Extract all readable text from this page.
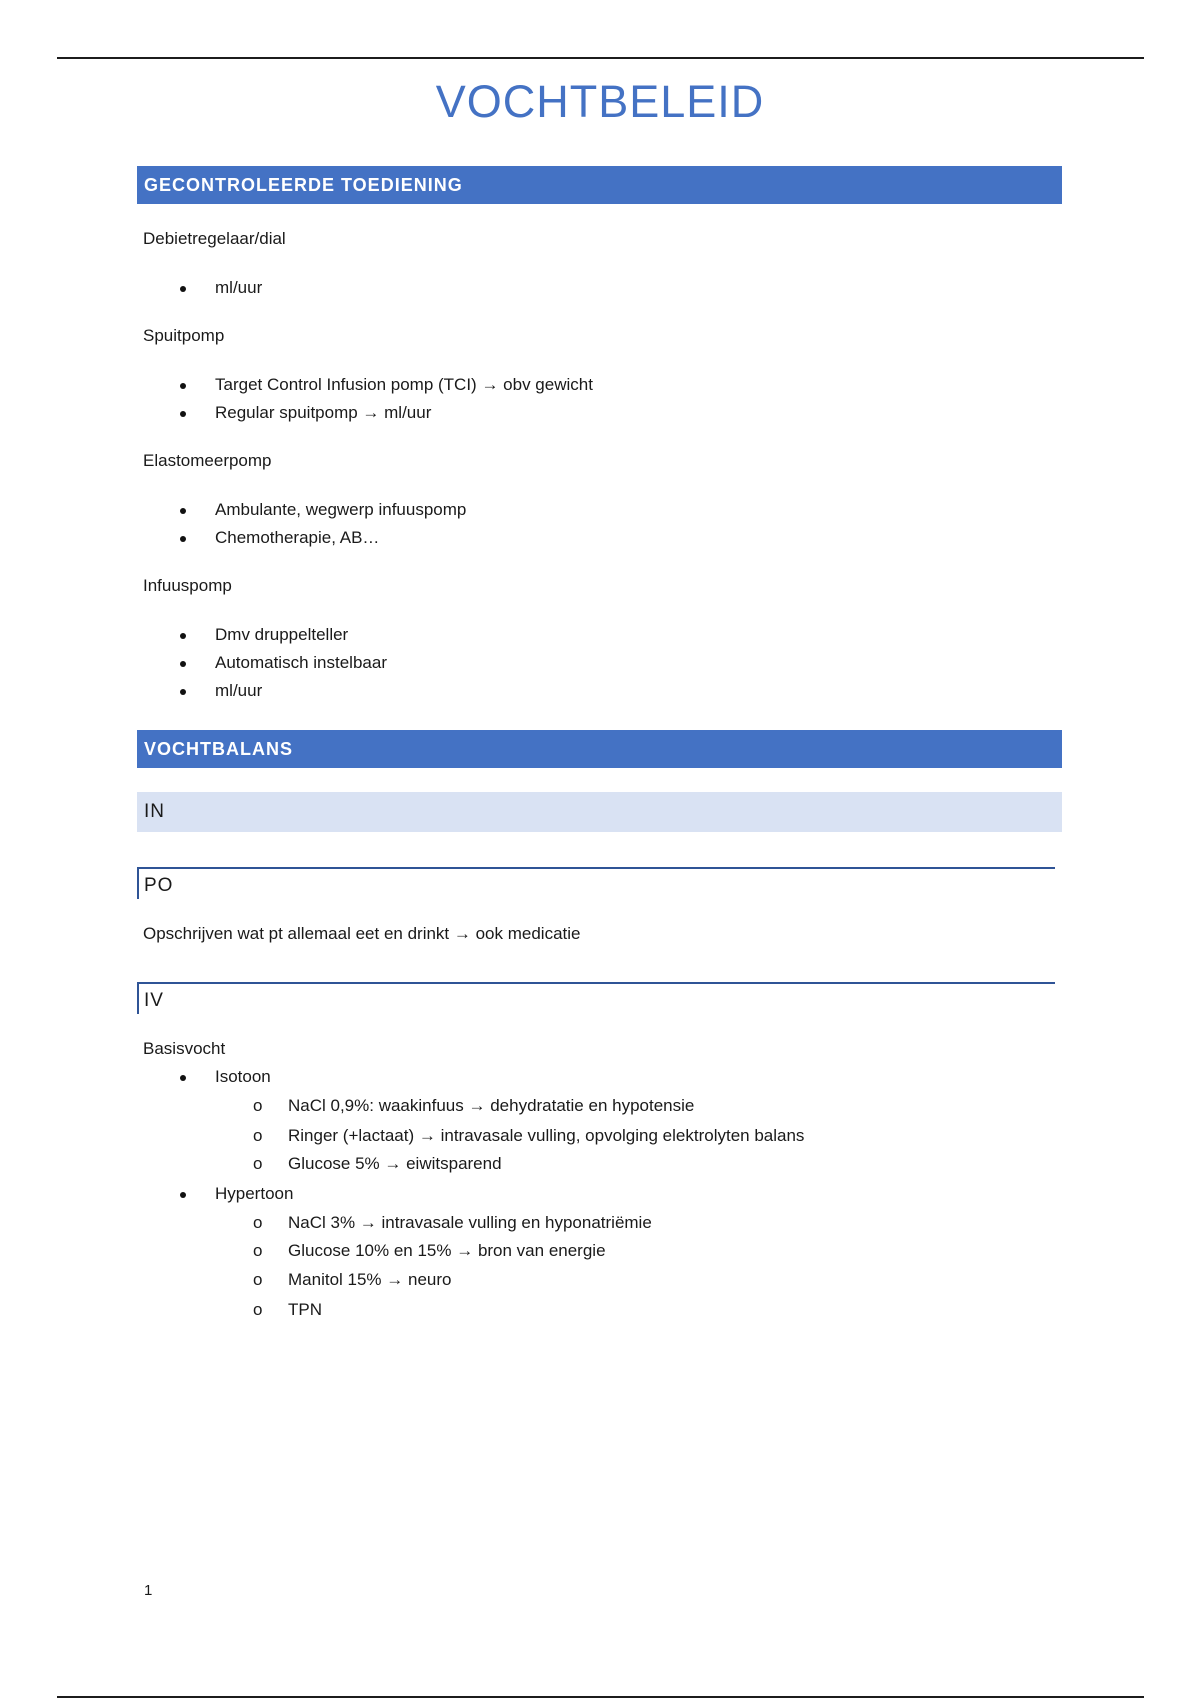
VOCHTBELEID
GECONTROLEERDE TOEDIENING
Debietregelaar/dial
ml/uur
Spuitpomp
Target Control Infusion pomp (TCI) → obv gewicht
Regular spuitpomp → ml/uur
Elastomeerpomp
Ambulante, wegwerp infuuspomp
Chemotherapie, AB…
Infuuspomp
Dmv druppelteller
Automatisch instelbaar
ml/uur
VOCHTBALANS
IN
PO
Opschrijven wat pt allemaal eet en drinkt → ook medicatie
IV
Basisvocht
Isotoon
o NaCl 0,9%: waakinfuus → dehydratatie en hypotensie
o Ringer (+lactaat) → intravasale vulling, opvolging elektrolyten balans
o Glucose 5% → eiwitsparend
Hypertoon
o NaCl 3% → intravasale vulling en hyponatriëmie
o Glucose 10% en 15% → bron van energie
o Manitol 15% → neuro
o TPN
1
